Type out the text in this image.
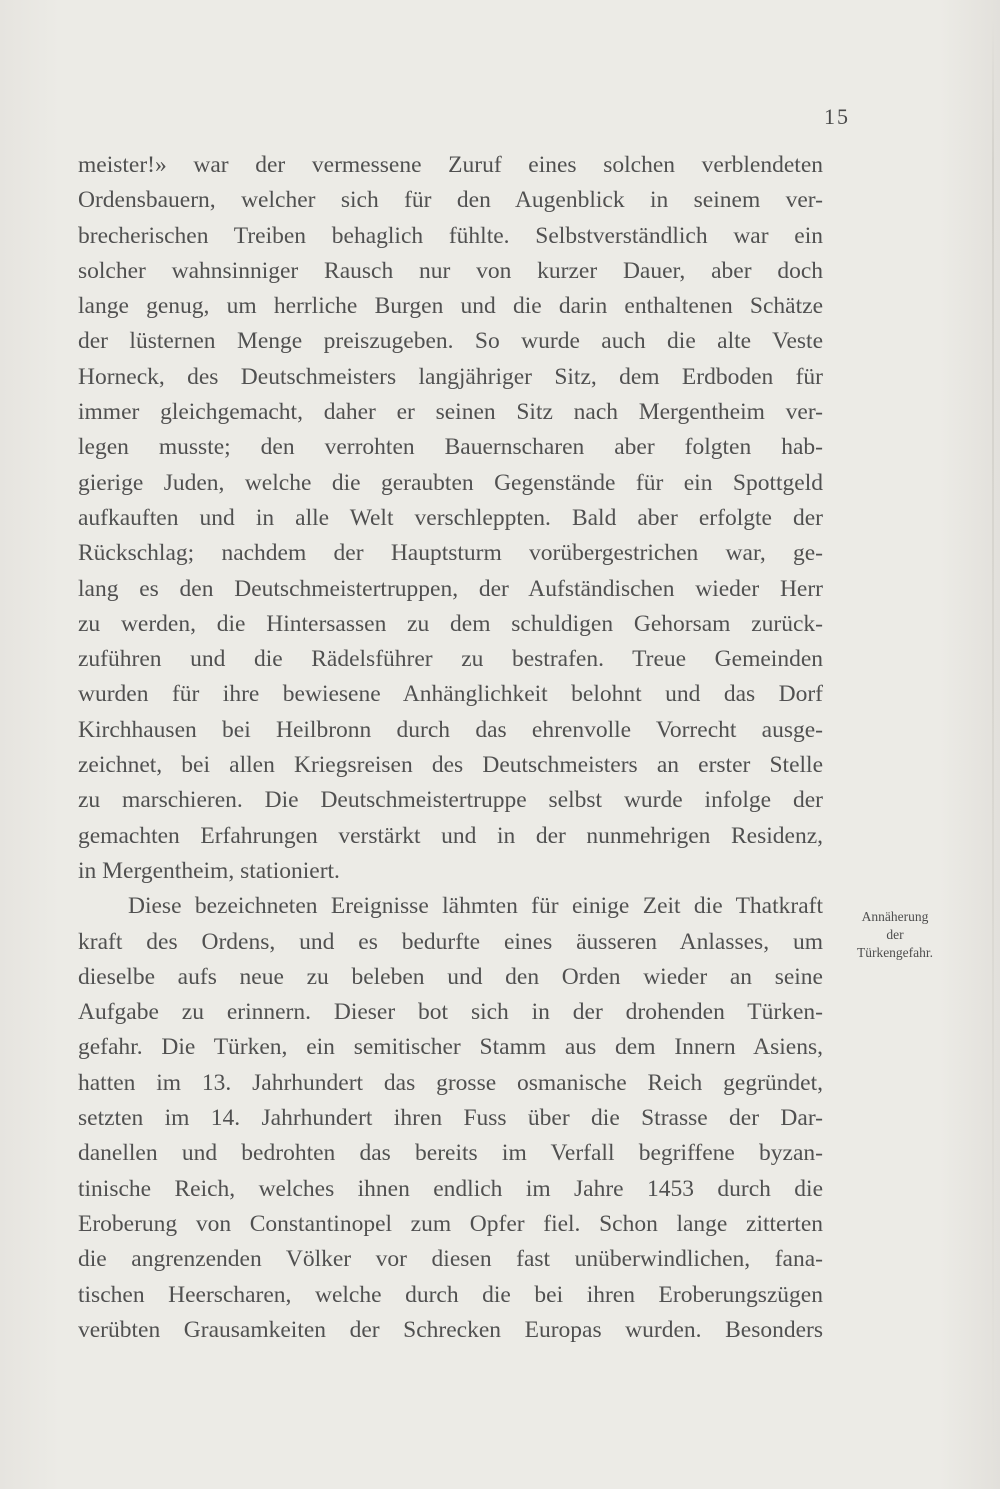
15
meister!» war der vermessene Zuruf eines solchen verblendeten
Ordensbauern, welcher sich für den Augenblick in seinem ver-
brecherischen Treiben behaglich fühlte. Selbstverständlich war ein
solcher wahnsinniger Rausch nur von kurzer Dauer, aber doch
lange genug, um herrliche Burgen und die darin enthaltenen Schätze
der lüsternen Menge preiszugeben. So wurde auch die alte Veste
Horneck, des Deutschmeisters langjähriger Sitz, dem Erdboden für
immer gleichgemacht, daher er seinen Sitz nach Mergentheim ver-
legen musste; den verrohten Bauernscharen aber folgten hab-
gierige Juden, welche die geraubten Gegenstände für ein Spottgeld
aufkauften und in alle Welt verschleppten. Bald aber erfolgte der
Rückschlag; nachdem der Hauptsturm vorübergestrichen war, ge-
lang es den Deutschmeistertruppen, der Aufständischen wieder Herr
zu werden, die Hintersassen zu dem schuldigen Gehorsam zurück-
zuführen und die Rädelsführer zu bestrafen. Treue Gemeinden
wurden für ihre bewiesene Anhänglichkeit belohnt und das Dorf
Kirchhausen bei Heilbronn durch das ehrenvolle Vorrecht ausge-
zeichnet, bei allen Kriegsreisen des Deutschmeisters an erster Stelle
zu marschieren. Die Deutschmeistertruppe selbst wurde infolge der
gemachten Erfahrungen verstärkt und in der nunmehrigen Residenz,
in Mergentheim, stationiert.
Diese bezeichneten Ereignisse lähmten für einige Zeit die Thatkraft
kraft des Ordens, und es bedurfte eines äusseren Anlasses, um
dieselbe aufs neue zu beleben und den Orden wieder an seine
Aufgabe zu erinnern. Dieser bot sich in der drohenden Türken-
gefahr. Die Türken, ein semitischer Stamm aus dem Innern Asiens,
hatten im 13. Jahrhundert das grosse osmanische Reich gegründet,
setzten im 14. Jahrhundert ihren Fuss über die Strasse der Dar-
danellen und bedrohten das bereits im Verfall begriffene byzan-
tinische Reich, welches ihnen endlich im Jahre 1453 durch die
Eroberung von Constantinopel zum Opfer fiel. Schon lange zitterten
die angrenzenden Völker vor diesen fast unüberwindlichen, fana-
tischen Heerscharen, welche durch die bei ihren Eroberungszügen
verübten Grausamkeiten der Schrecken Europas wurden. Besonders
Annäherung
der
Türkengefahr.
